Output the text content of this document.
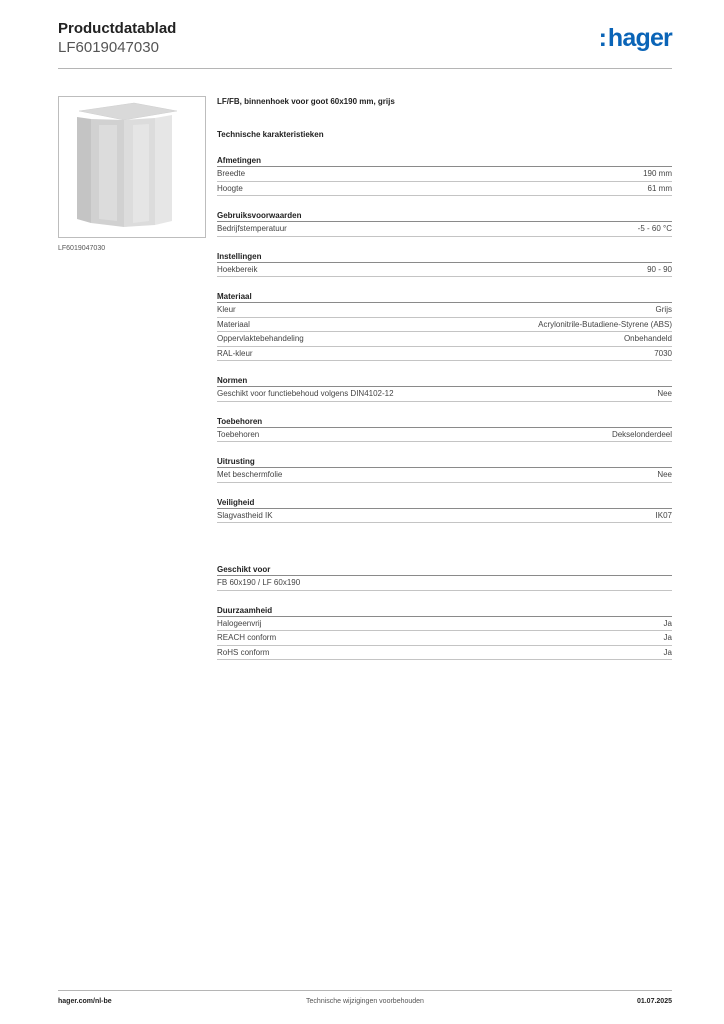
Productdatablad
LF6019047030	:hager
LF6019047030
LF/FB, binnenhoek voor goot 60x190 mm, grijs
Technische karakteristieken
Afmetingen
Breedte	190 mm
Hoogte	61 mm
Gebruiksvoorwaarden
Bedrijfstemperatuur	-5 - 60 °C
Instellingen
Hoekbereik	90 - 90
Materiaal
Kleur	Grijs
Materiaal	Acrylonitrile-Butadiene-Styrene (ABS)
Oppervlaktebehandeling	Onbehandeld
RAL-kleur	7030
Normen
Geschikt voor functiebehoud volgens DIN4102-12	Nee
Toebehoren
Toebehoren	Dekselonderdeel
Uitrusting
Met beschermfolie	Nee
Veiligheid
Slagvastheid IK	IK07
Geschikt voor
FB 60x190 / LF 60x190
Duurzaamheid
Halogeenvrij	Ja
REACH conform	Ja
RoHS conform	Ja
Technische wijzigingen voorbehouden
hager.com/nl-be	01.07.2025
